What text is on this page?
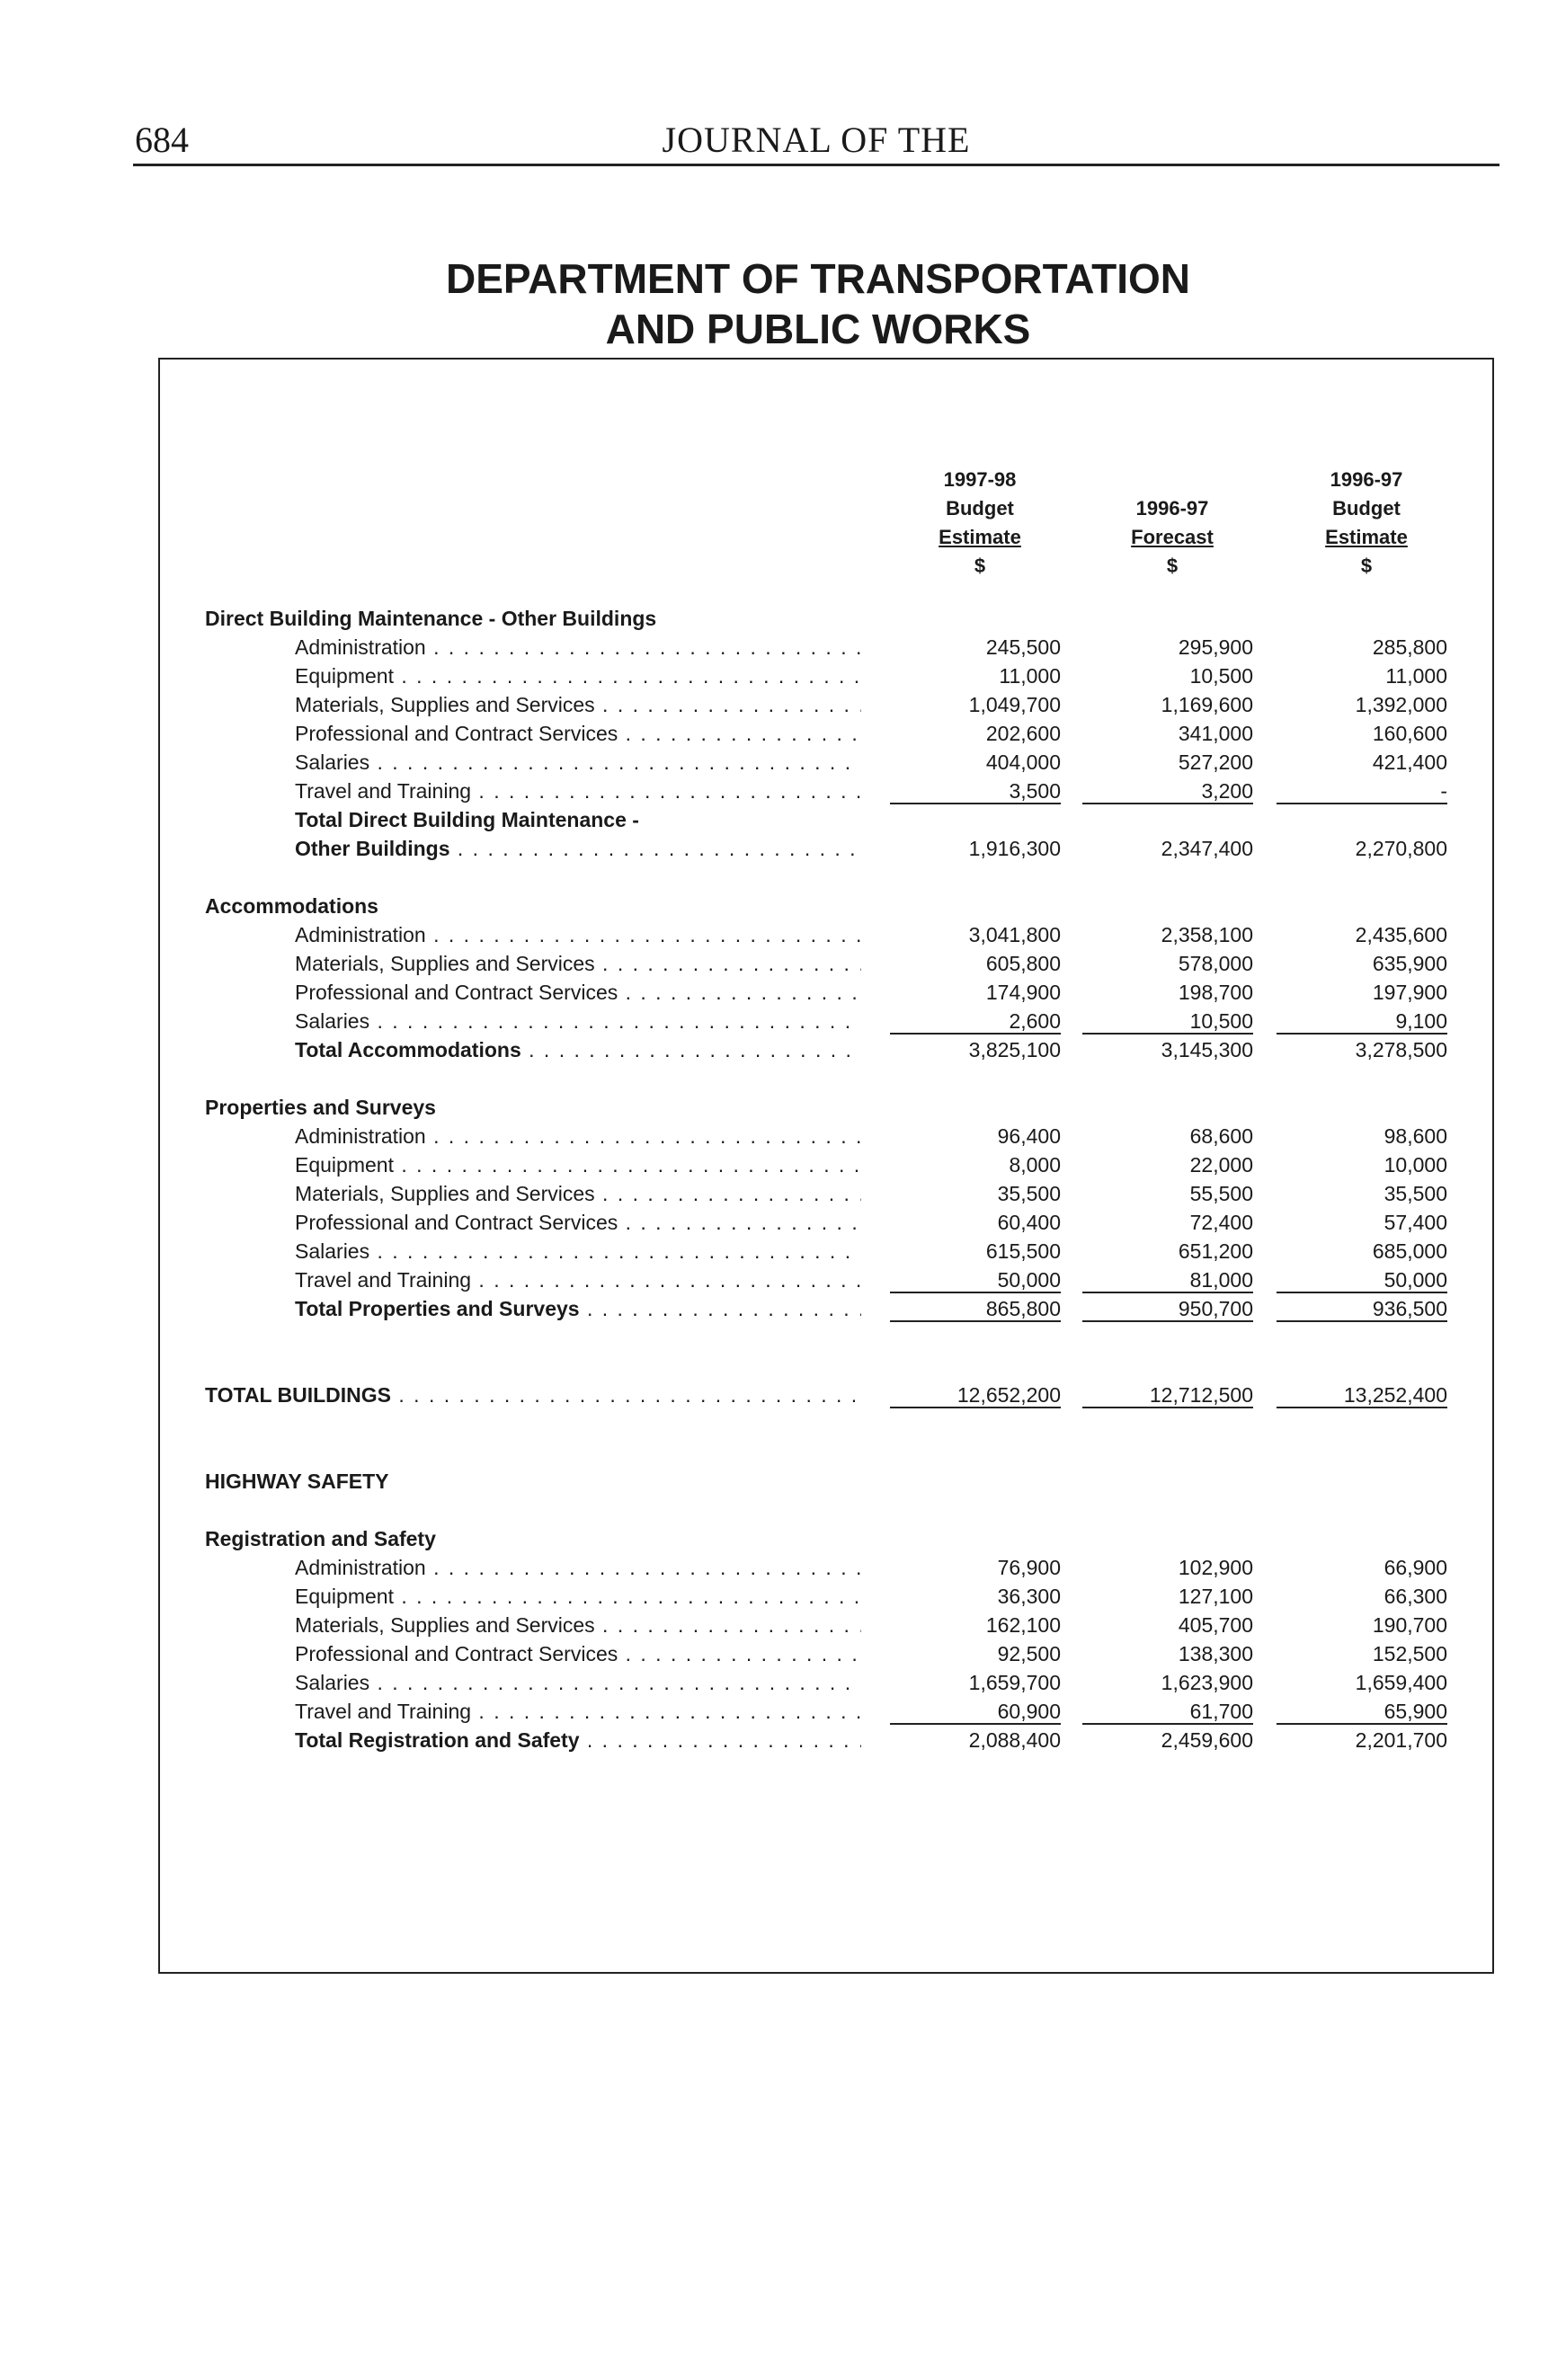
684	JOURNAL OF THE
DEPARTMENT OF TRANSPORTATION
AND PUBLIC WORKS
1997-98
Budget
Estimate
$
1996-97
Forecast
$
1996-97
Budget
Estimate
$
Direct Building Maintenance - Other Buildings
Administration . . .	245,500	295,900	285,800
Equipment . . .	11,000	10,500	11,000
Materials, Supplies and Services . . .	1,049,700	1,169,600	1,392,000
Professional and Contract Services . . .	202,600	341,000	160,600
Salaries . . .	404,000	527,200	421,400
Travel and Training . . .	3,500	3,200	-
Total Direct Building Maintenance -
Other Buildings . . .	1,916,300	2,347,400	2,270,800
Accommodations
Administration . . .	3,041,800	2,358,100	2,435,600
Materials, Supplies and Services . . .	605,800	578,000	635,900
Professional and Contract Services . . .	174,900	198,700	197,900
Salaries . . .	2,600	10,500	9,100
Total Accommodations . . .	3,825,100	3,145,300	3,278,500
Properties and Surveys
Administration . . .	96,400	68,600	98,600
Equipment . . .	8,000	22,000	10,000
Materials, Supplies and Services . . .	35,500	55,500	35,500
Professional and Contract Services . . .	60,400	72,400	57,400
Salaries . . .	615,500	651,200	685,000
Travel and Training . . .	50,000	81,000	50,000
Total Properties and Surveys . . .	865,800	950,700	936,500
TOTAL BUILDINGS . . .	12,652,200	12,712,500	13,252,400
HIGHWAY SAFETY
Registration and Safety
Administration . . .	76,900	102,900	66,900
Equipment . . .	36,300	127,100	66,300
Materials, Supplies and Services . . .	162,100	405,700	190,700
Professional and Contract Services . . .	92,500	138,300	152,500
Salaries . . .	1,659,700	1,623,900	1,659,400
Travel and Training . . .	60,900	61,700	65,900
Total Registration and Safety . . .	2,088,400	2,459,600	2,201,700
